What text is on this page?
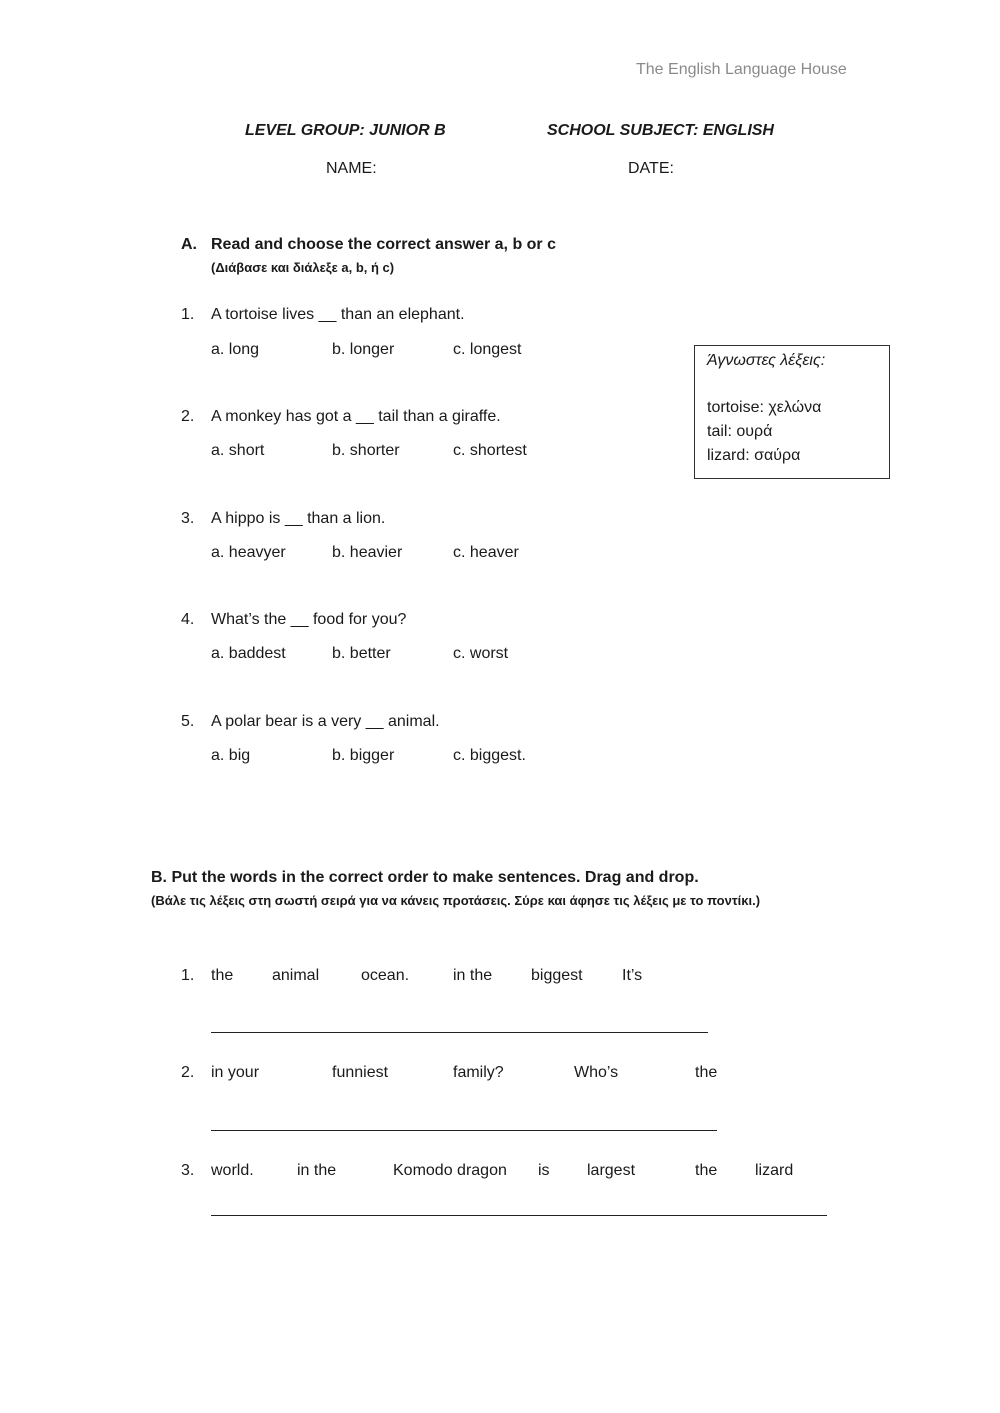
The English Language House
LEVEL GROUP: JUNIOR B	SCHOOL SUBJECT: ENGLISH
NAME:	DATE:
A. Read and choose the correct answer a, b or c
(Διάβασε και διάλεξε a, b, ή c)
1. A tortoise lives __ than an elephant.
a. long	b. longer	c. longest
2. A monkey has got a __ tail than a giraffe.
a. short	b. shorter	c. shortest
3. A hippo is __ than a lion.
a. heavyer	b. heavier	c. heaver
4. What’s the __ food for you?
a. baddest	b. better	c. worst
5. A polar bear is a very __ animal.
a. big	b. bigger	c. biggest.
Άγνωστες λέξεις:
tortoise: χελώνα
tail: ουρά
lizard: σαύρα
B. Put the words in the correct order to make sentences. Drag and drop.
(Βάλε τις λέξεις στη σωστή σειρά για να κάνεις προτάσεις. Σύρε και άφησε τις λέξεις με το ποντίκι.)
1. the animal	ocean.	in the biggest It’s
2. in your	funniest	family?	Who’s	the
3. world.	in the	Komodo dragon is largest	the lizard
